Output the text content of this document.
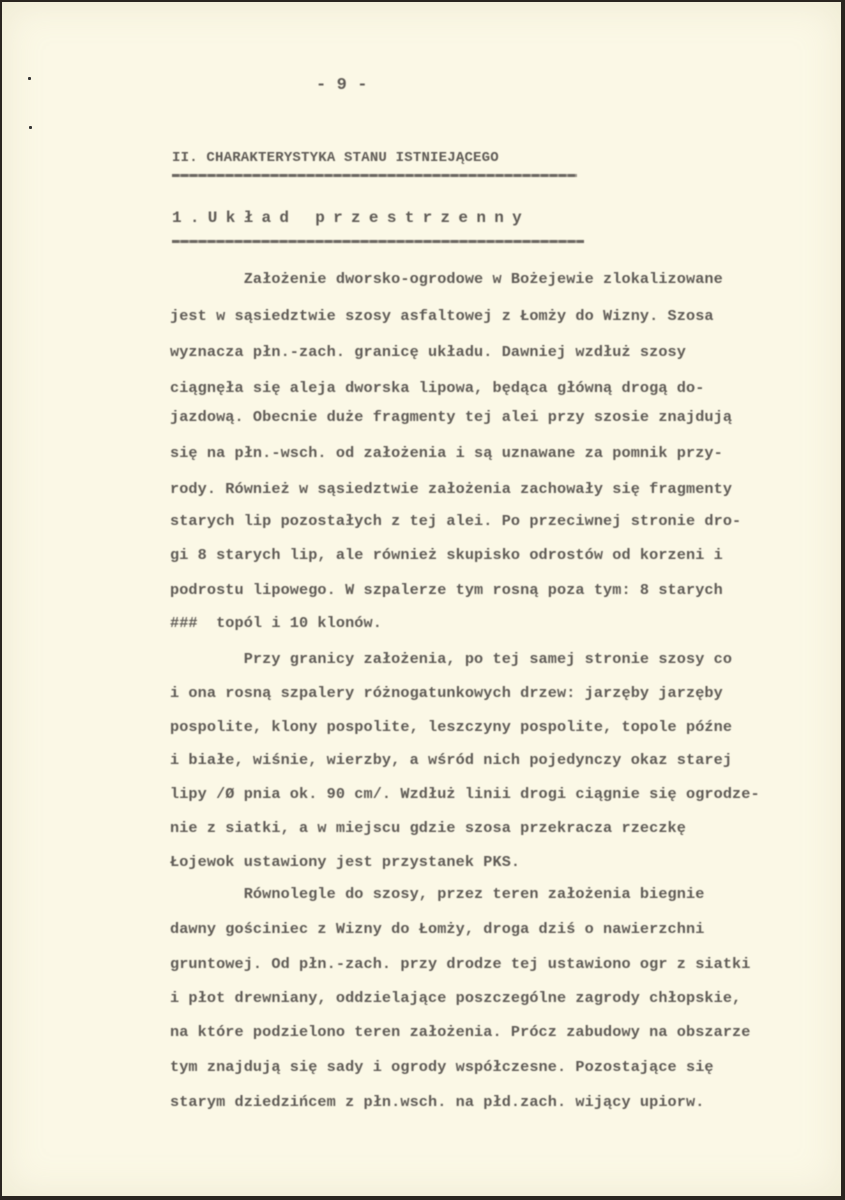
- 9 -
II. CHARAKTERYSTYKA STANU ISTNIEJĄCEGO
1.Układ przestrzenny
Założenie dworsko-ogrodowe w Bożejewie zlokalizowane
jest w sąsiedztwie szosy asfaltowej z Łomży do Wizny. Szosa
wyznacza płn.-zach. granicę układu. Dawniej wzdłuż szosy
ciągnęła się aleja dworska lipowa, będąca główną drogą do-
jazdową. Obecnie duże fragmenty tej alei przy szosie znajdują
się na płn.-wsch. od założenia i są uznawane za pomnik przy-
rody. Również w sąsiedztwie założenia zachowały się fragmenty
starych lip pozostałych z tej alei. Po przeciwnej stronie dro-
gi 8 starych lip, ale również skupisko odrostów od korzeni i
podrostu lipowego. W szpalerze tym rosną poza tym: 8 starych
###  topól i 10 klonów.
Przy granicy założenia, po tej samej stronie szosy co
i ona rosną szpalery różnogatunkowych drzew: jarzęby jarzęby
pospolite, klony pospolite, leszczyny pospolite, topole późne
i białe, wiśnie, wierzby, a wśród nich pojedynczy okaz starej
lipy /Ø pnia ok. 90 cm/. Wzdłuż linii drogi ciągnie się ogrodze-
nie z siatki, a w miejscu gdzie szosa przekracza rzeczkę
Łojewok ustawiony jest przystanek PKS.
Równolegle do szosy, przez teren założenia biegnie
dawny gościniec z Wizny do Łomży, droga dziś o nawierzchni
gruntowej. Od płn.-zach. przy drodze tej ustawiono ogr z siatki
i płot drewniany, oddzielające poszczególne zagrody chłopskie,
na które podzielono teren założenia. Prócz zabudowy na obszarze
tym znajdują się sady i ogrody współczesne. Pozostające się
starym dziedzińcem z płn.wsch. na płd.zach. wijący upiorw.
